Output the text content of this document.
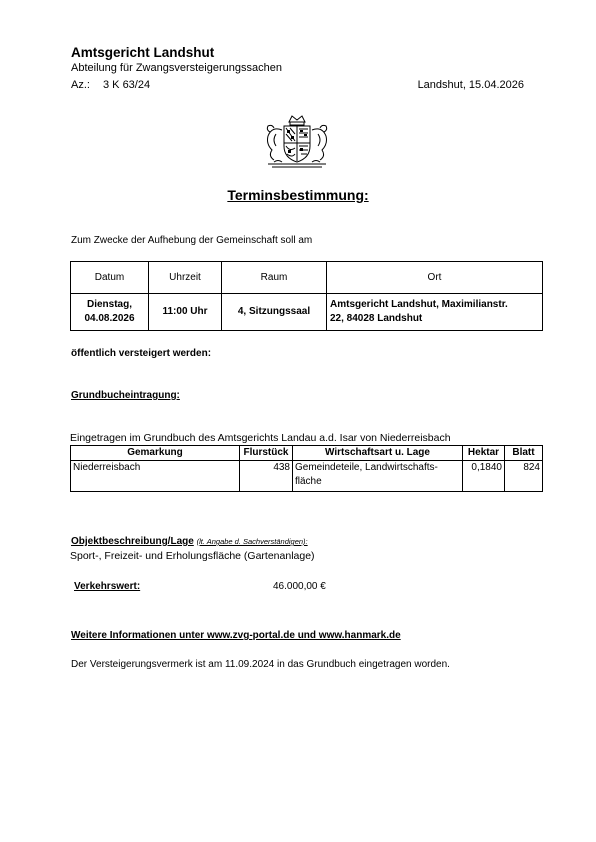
Amtsgericht Landshut
Abteilung für Zwangsversteigerungssachen
Az.: 3 K 63/24	Landshut, 15.04.2026
Terminsbestimmung:
Zum Zwecke der Aufhebung der Gemeinschaft soll am
Datum	Uhrzeit	Raum	Ort
Dienstag,
04.08.2026	11:00 Uhr	4, Sitzungssaal	Amtsgericht Landshut, Maximilianstr.
22, 84028 Landshut
öffentlich versteigert werden:
Grundbucheintragung:
Eingetragen im Grundbuch des Amtsgerichts Landau a.d. Isar von Niederreisbach
Gemarkung	Flurstück	Wirtschaftsart u. Lage	Hektar	Blatt
Niederreisbach	438	Gemeindeteile, Landwirtschafts-
fläche	0,1840	824
Objektbeschreibung/Lage (lt. Angabe d. Sachverständigen):
Sport-, Freizeit- und Erholungsfläche (Gartenanlage)
Verkehrswert:	46.000,00 €
Weitere Informationen unter www.zvg-portal.de und www.hanmark.de
Der Versteigerungsvermerk ist am 11.09.2024 in das Grundbuch eingetragen worden.
